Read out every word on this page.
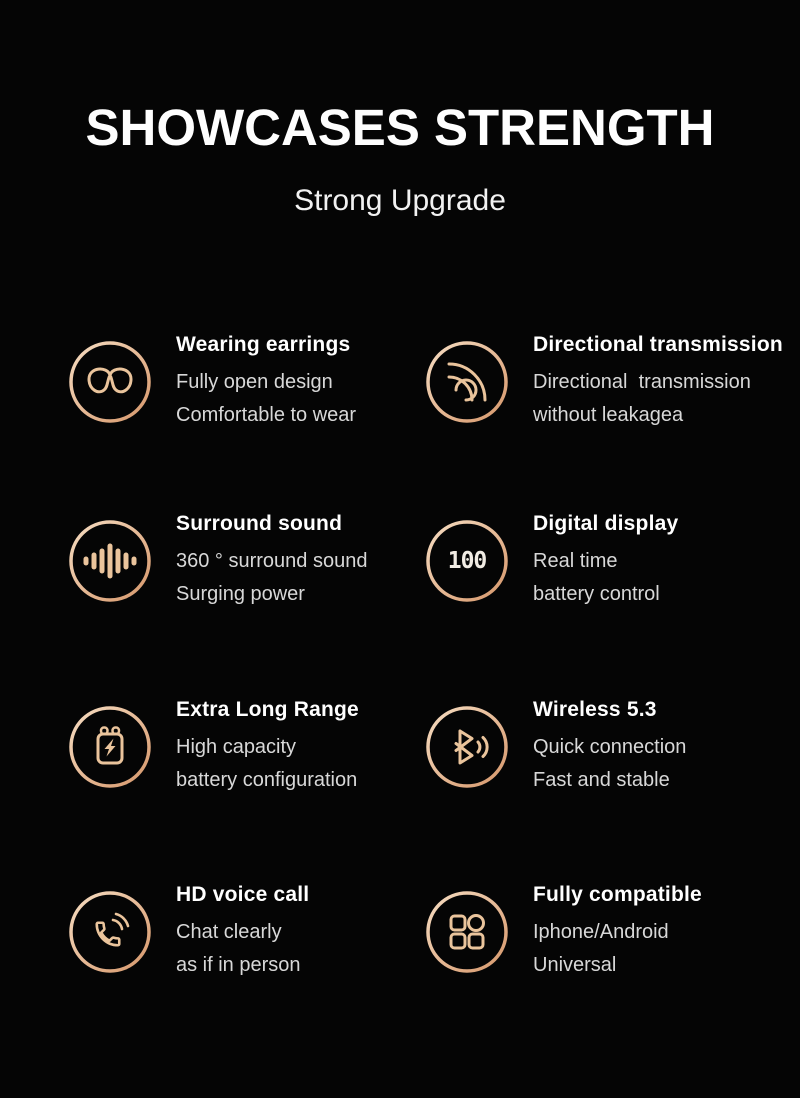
SHOWCASES STRENGTH
Strong Upgrade
Wearing earrings

Fully open design

Comfortable to wear

Directional transmission

Directional  transmission

without leakagea

Surround sound

360 ° surround sound

Surging power

100
Digital display

Real time

battery control

Extra Long Range

High capacity

battery configuration

Wireless 5.3

Quick connection

Fast and stable

HD voice call

Chat clearly

as if in person

Fully compatible

Iphone/Android

Universal
